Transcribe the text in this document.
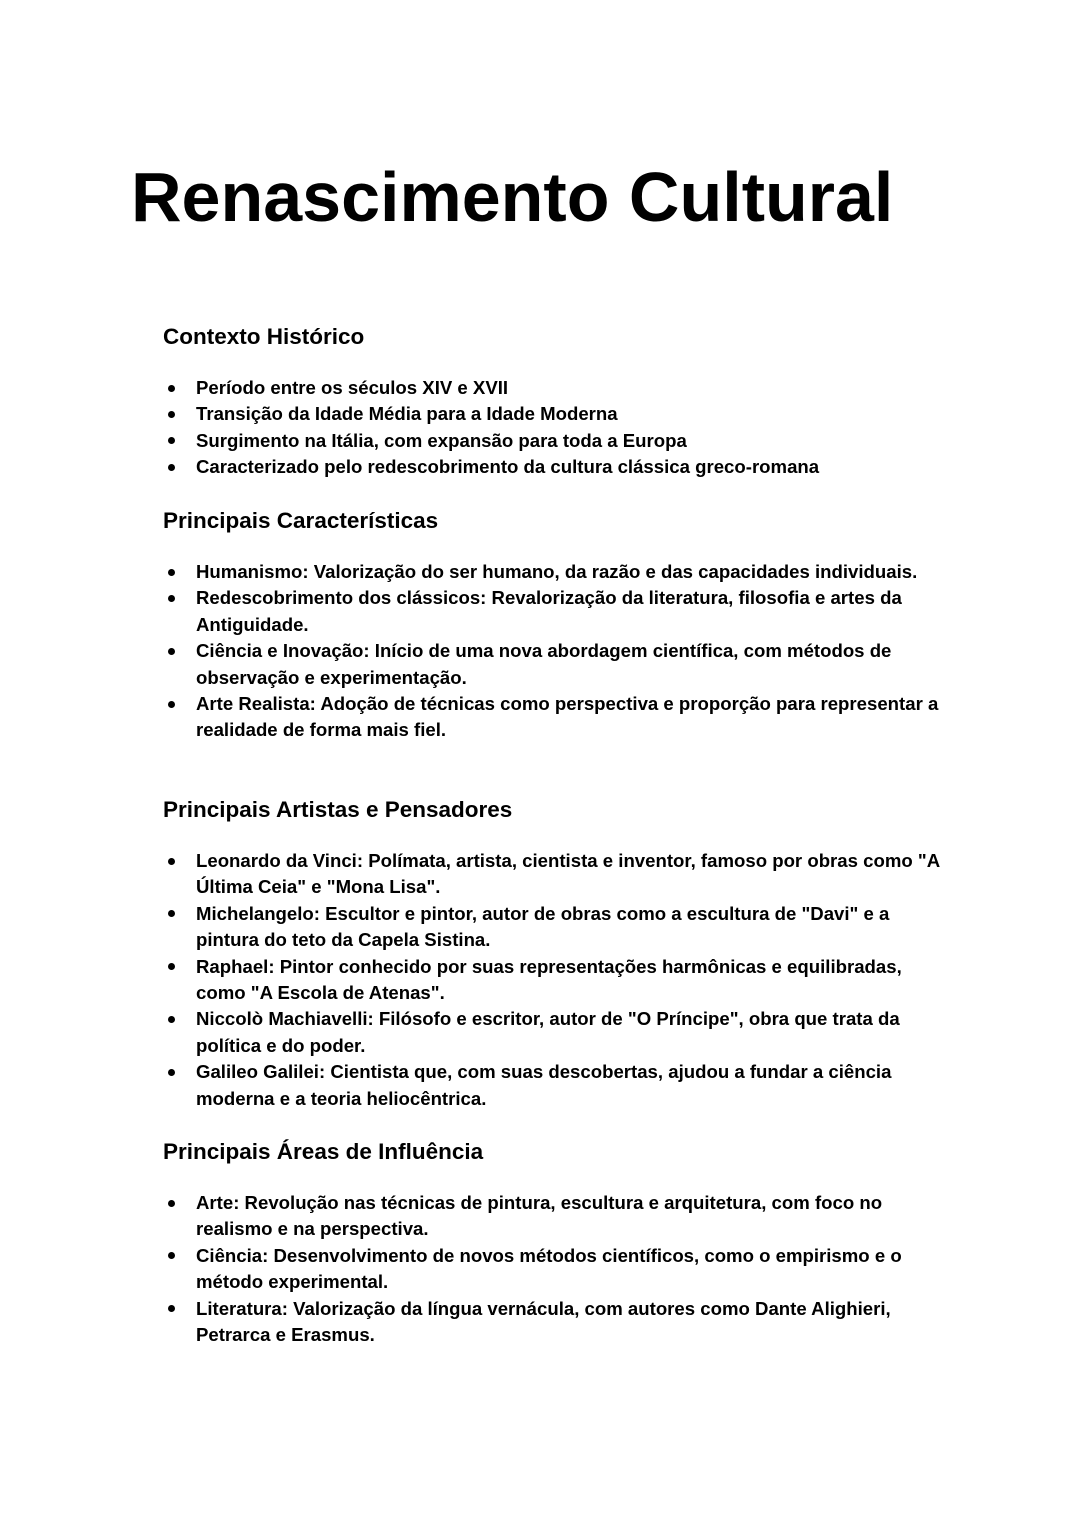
Renascimento Cultural
Contexto Histórico
Período entre os séculos XIV e XVII
Transição da Idade Média para a Idade Moderna
Surgimento na Itália, com expansão para toda a Europa
Caracterizado pelo redescobrimento da cultura clássica greco-romana
Principais Características
Humanismo: Valorização do ser humano, da razão e das capacidades individuais.
Redescobrimento dos clássicos: Revalorização da literatura, filosofia e artes da Antiguidade.
Ciência e Inovação: Início de uma nova abordagem científica, com métodos de observação e experimentação.
Arte Realista: Adoção de técnicas como perspectiva e proporção para representar a realidade de forma mais fiel.
Principais Artistas e Pensadores
Leonardo da Vinci: Polímata, artista, cientista e inventor, famoso por obras como "A Última Ceia" e "Mona Lisa".
Michelangelo: Escultor e pintor, autor de obras como a escultura de "Davi" e a pintura do teto da Capela Sistina.
Raphael: Pintor conhecido por suas representações harmônicas e equilibradas, como "A Escola de Atenas".
Niccolò Machiavelli: Filósofo e escritor, autor de "O Príncipe", obra que trata da política e do poder.
Galileo Galilei: Cientista que, com suas descobertas, ajudou a fundar a ciência moderna e a teoria heliocêntrica.
Principais Áreas de Influência
Arte: Revolução nas técnicas de pintura, escultura e arquitetura, com foco no realismo e na perspectiva.
Ciência: Desenvolvimento de novos métodos científicos, como o empirismo e o método experimental.
Literatura: Valorização da língua vernácula, com autores como Dante Alighieri, Petrarca e Erasmus.
